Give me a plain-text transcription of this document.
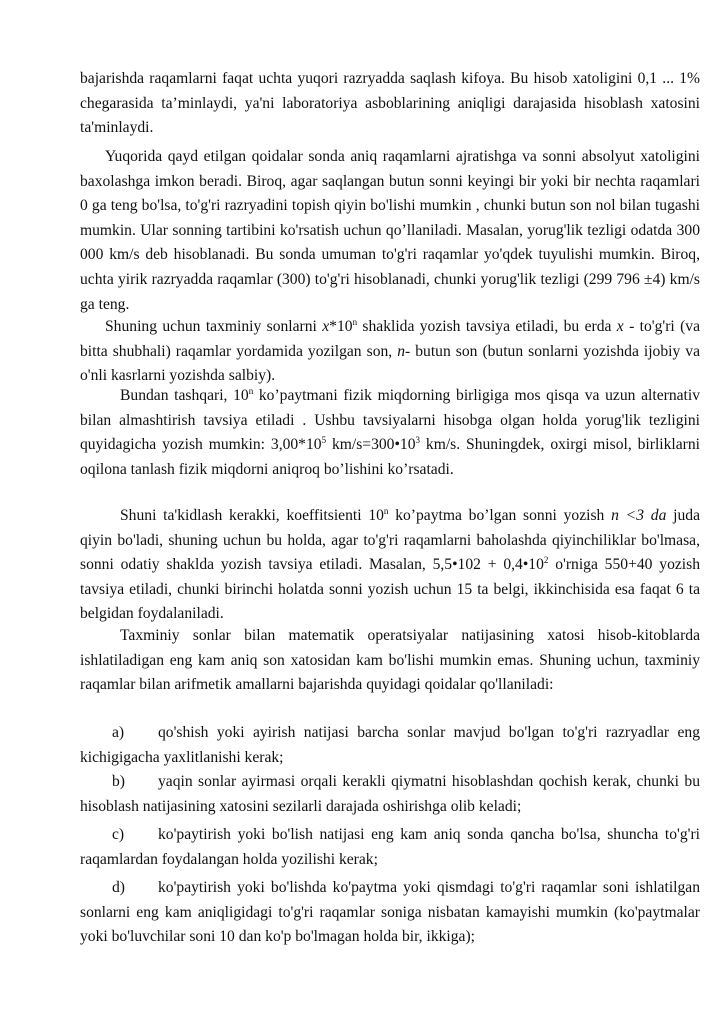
bajarishda raqamlarni faqat uchta yuqori razryadda saqlash kifoya. Bu hisob xatoligini 0,1 ... 1% chegarasida ta’minlaydi, ya'ni laboratoriya asboblarining aniqligi darajasida hisoblash xatosini ta'minlaydi.

Yuqorida qayd etilgan qoidalar sonda aniq raqamlarni ajratishga va sonni absolyut xatoligini baxolashga imkon beradi. Biroq, agar saqlangan butun sonni keyingi bir yoki bir nechta raqamlari 0 ga teng bo'lsa, to'g'ri razryadini topish qiyin bo'lishi mumkin , chunki butun son nol bilan tugashi mumkin. Ular sonning tartibini ko'rsatish uchun qo’llaniladi. Masalan, yorug'lik tezligi odatda 300 000 km/s deb hisoblanadi. Bu sonda umuman to'g'ri raqamlar yo'qdek tuyulishi mumkin. Biroq, uchta yirik razryadda raqamlar (300) to'g'ri hisoblanadi, chunki yorug'lik tezligi (299 796 ±4) km/s ga teng.

Shuning uchun taxminiy sonlarni x*10$^n$ shaklida yozish tavsiya etiladi, bu erda x - to'g'ri (va bitta shubhali) raqamlar yordamida yozilgan son, n- butun son (butun sonlarni yozishda ijobiy va o'nli kasrlarni yozishda salbiy).

Bundan tashqari, 10$^n$ ko’paytmani fizik miqdorning birligiga mos qisqa va uzun alternativ bilan almashtirish tavsiya etiladi . Ushbu tavsiyalarni hisobga olgan holda yorug'lik tezligini quyidagicha yozish mumkin: $3,00*10^5$ $km/s=300•10^3$ km/s. Shuningdek, oxirgi misol, birliklarni oqilona tanlash fizik miqdorni aniqroq bo’lishini ko’rsatadi.

Shuni ta'kidlash kerakki, koeffitsienti 10$^n$ ko’paytma bo’lgan sonni yozish n <3 da juda qiyin bo'ladi, shuning uchun bu holda, agar to'g'ri raqamlarni baholashda qiyinchiliklar bo'lmasa, sonni odatiy shaklda yozish tavsiya etiladi. Masalan, 5,5•102 + $0,4•10^2$ o'rniga 550+40 yozish tavsiya etiladi, chunki birinchi holatda sonni yozish uchun 15 ta belgi, ikkinchisida esa faqat 6 ta belgidan foydalaniladi.

Taxminiy sonlar bilan matematik operatsiyalar natijasining xatosi hisob-kitoblarda ishlatiladigan eng kam aniq son xatosidan kam bo'lishi mumkin emas. Shuning uchun, taxminiy raqamlar bilan arifmetik amallarni bajarishda quyidagi qoidalar qo'llaniladi:

a) qo'shish yoki ayirish natijasi barcha sonlar mavjud bo'lgan to'g'ri razryadlar eng kichigigacha yaxlitlanishi kerak;

b) yaqin sonlar ayirmasi orqali kerakli qiymatni hisoblashdan qochish kerak, chunki bu hisoblash natijasining xatosini sezilarli darajada oshirishga olib keladi;

c) ko'paytirish yoki bo'lish natijasi eng kam aniq sonda qancha bo'lsa, shuncha to'g'ri raqamlardan foydalangan holda yozilishi kerak;

d) ko'paytirish yoki bo'lishda ko'paytma yoki qismdagi to'g'ri raqamlar soni ishlatilgan sonlarni eng kam aniqligidagi to'g'ri raqamlar soniga nisbatan kamayishi mumkin (ko'paytmalar yoki bo'luvchilar soni 10 dan ko'p bo'lmagan holda bir, ikkiga);
